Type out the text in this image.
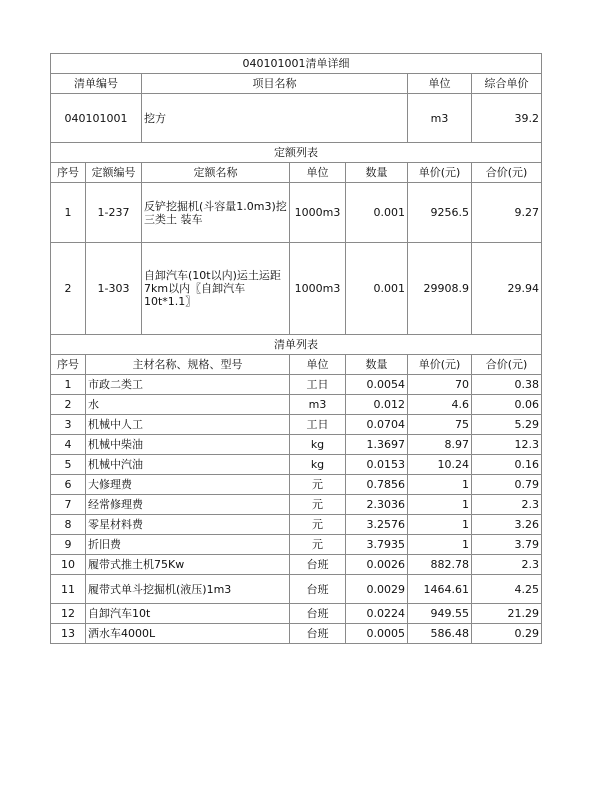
040101001清单详细						
清单编号		项目名称			单位	综合单价
040101001		挖方			m3	39.2
定额列表						
序号	定额编号	定额名称	单位	数量	单价(元)	合价(元)
1	1-237	反铲挖掘机(斗容量1.0m3)挖三类土 装车	1000m3	0.001	9256.5	9.27
2	1-303	自卸汽车(10t以内)运土运距7km以内〖自卸汽车10t*1.1〗	1000m3	0.001	29908.9	29.94
清单列表						
序号	主材名称、规格、型号		单位	数量	单价(元)	合价(元)
1	市政二类工		工日	0.0054	70	0.38
2	水		m3	0.012	4.6	0.06
3	机械中人工		工日	0.0704	75	5.29
4	机械中柴油		kg	1.3697	8.97	12.3
5	机械中汽油		kg	0.0153	10.24	0.16
6	大修理费		元	0.7856	1	0.79
7	经常修理费		元	2.3036	1	2.3
8	零星材料费		元	3.2576	1	3.26
9	折旧费		元	3.7935	1	3.79
10	履带式推土机75Kw		台班	0.0026	882.78	2.3
11	履带式单斗挖掘机(液压)1m3		台班	0.0029	1464.61	4.25
12	自卸汽车10t		台班	0.0224	949.55	21.29
13	洒水车4000L		台班	0.0005	586.48	0.29
